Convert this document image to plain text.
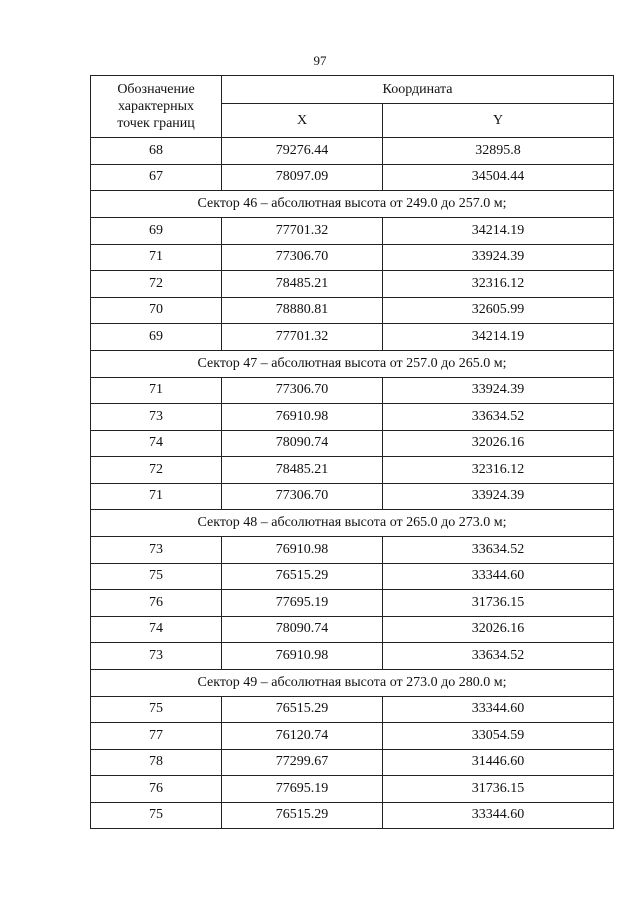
97
Обозначение
характерных
точек границ	Координата	
	X	Y
68	79276.44	32895.8
67	78097.09	34504.44
Сектор 46 – абсолютная высота от 249.0 до 257.0 м;		
69	77701.32	34214.19
71	77306.70	33924.39
72	78485.21	32316.12
70	78880.81	32605.99
69	77701.32	34214.19
Сектор 47 – абсолютная высота от 257.0 до 265.0 м;		
71	77306.70	33924.39
73	76910.98	33634.52
74	78090.74	32026.16
72	78485.21	32316.12
71	77306.70	33924.39
Сектор 48 – абсолютная высота от 265.0 до 273.0 м;		
73	76910.98	33634.52
75	76515.29	33344.60
76	77695.19	31736.15
74	78090.74	32026.16
73	76910.98	33634.52
Сектор 49 – абсолютная высота от 273.0 до 280.0 м;		
75	76515.29	33344.60
77	76120.74	33054.59
78	77299.67	31446.60
76	77695.19	31736.15
75	76515.29	33344.60
